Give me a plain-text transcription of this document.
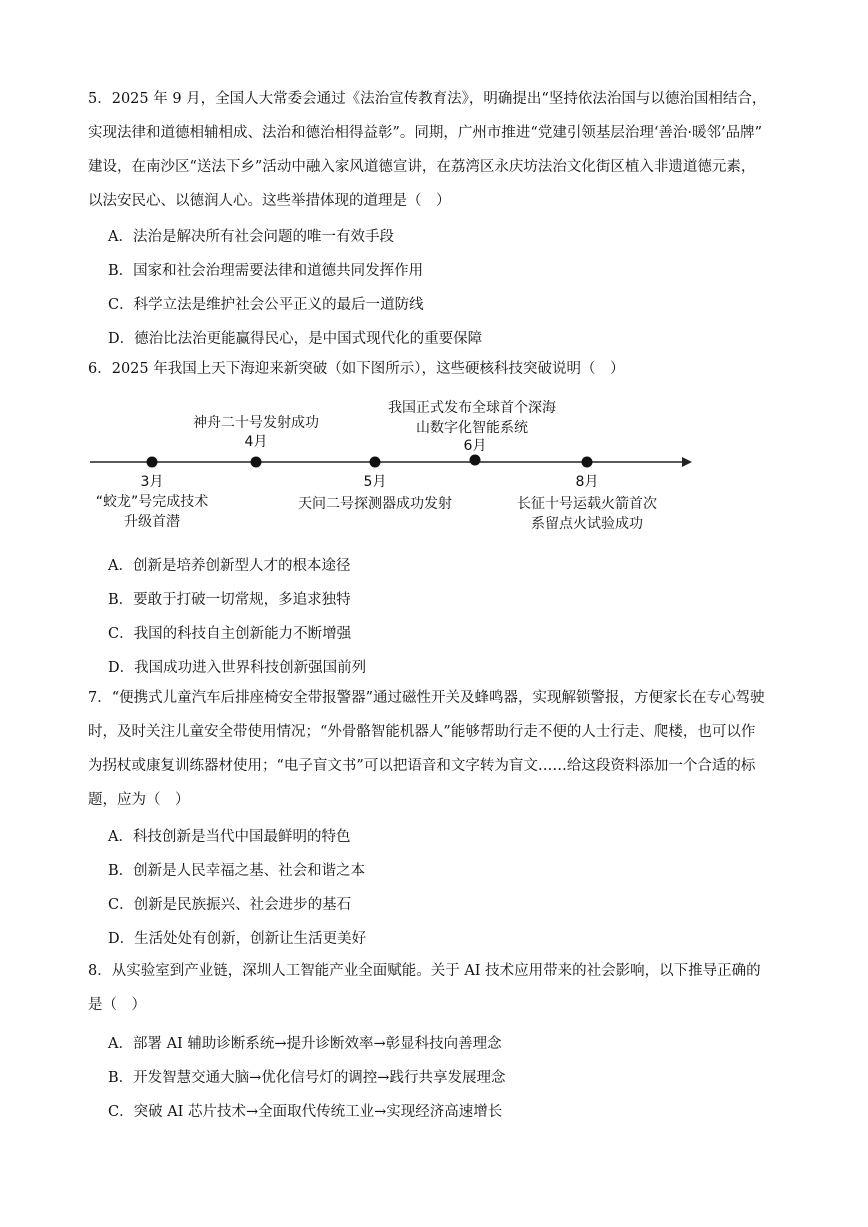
5．2025 年 9 月，全国人大常委会通过《法治宣传教育法》，明确提出“坚持依法治国与以德治国相结合，
实现法律和道德相辅相成、法治和德治相得益彰”。同期，广州市推进“党建引领基层治理‘善治·暖邻’品牌”
建设，在南沙区“送法下乡”活动中融入家风道德宣讲，在荔湾区永庆坊法治文化街区植入非遗道德元素，
以法安民心、以德润人心。这些举措体现的道理是（　）
A．法治是解决所有社会问题的唯一有效手段
B．国家和社会治理需要法律和道德共同发挥作用
C．科学立法是维护社会公平正义的最后一道防线
D．德治比法治更能赢得民心，是中国式现代化的重要保障
6．2025 年我国上天下海迎来新突破（如下图所示），这些硬核科技突破说明（　）
3月
“蛟龙”号完成技术
升级首潜
神舟二十号发射成功
4月
5月
天问二号探测器成功发射
我国正式发布全球首个深海
山数字化智能系统
6月
8月
长征十号运载火箭首次
系留点火试验成功
A．创新是培养创新型人才的根本途径
B．要敢于打破一切常规，多追求独特
C．我国的科技自主创新能力不断增强
D．我国成功进入世界科技创新强国前列
7．“便携式儿童汽车后排座椅安全带报警器”通过磁性开关及蜂鸣器，实现解锁警报，方便家长在专心驾驶
时，及时关注儿童安全带使用情况；“外骨骼智能机器人”能够帮助行走不便的人士行走、爬楼，也可以作
为拐杖或康复训练器材使用；“电子盲文书”可以把语音和文字转为盲文……给这段资料添加一个合适的标
题，应为（　）
A．科技创新是当代中国最鲜明的特色
B．创新是人民幸福之基、社会和谐之本
C．创新是民族振兴、社会进步的基石
D．生活处处有创新，创新让生活更美好
8．从实验室到产业链，深圳人工智能产业全面赋能。关于 AI 技术应用带来的社会影响，以下推导正确的
是（　）
A．部署 AI 辅助诊断系统→提升诊断效率→彰显科技向善理念
B．开发智慧交通大脑→优化信号灯的调控→践行共享发展理念
C．突破 AI 芯片技术→全面取代传统工业→实现经济高速增长
